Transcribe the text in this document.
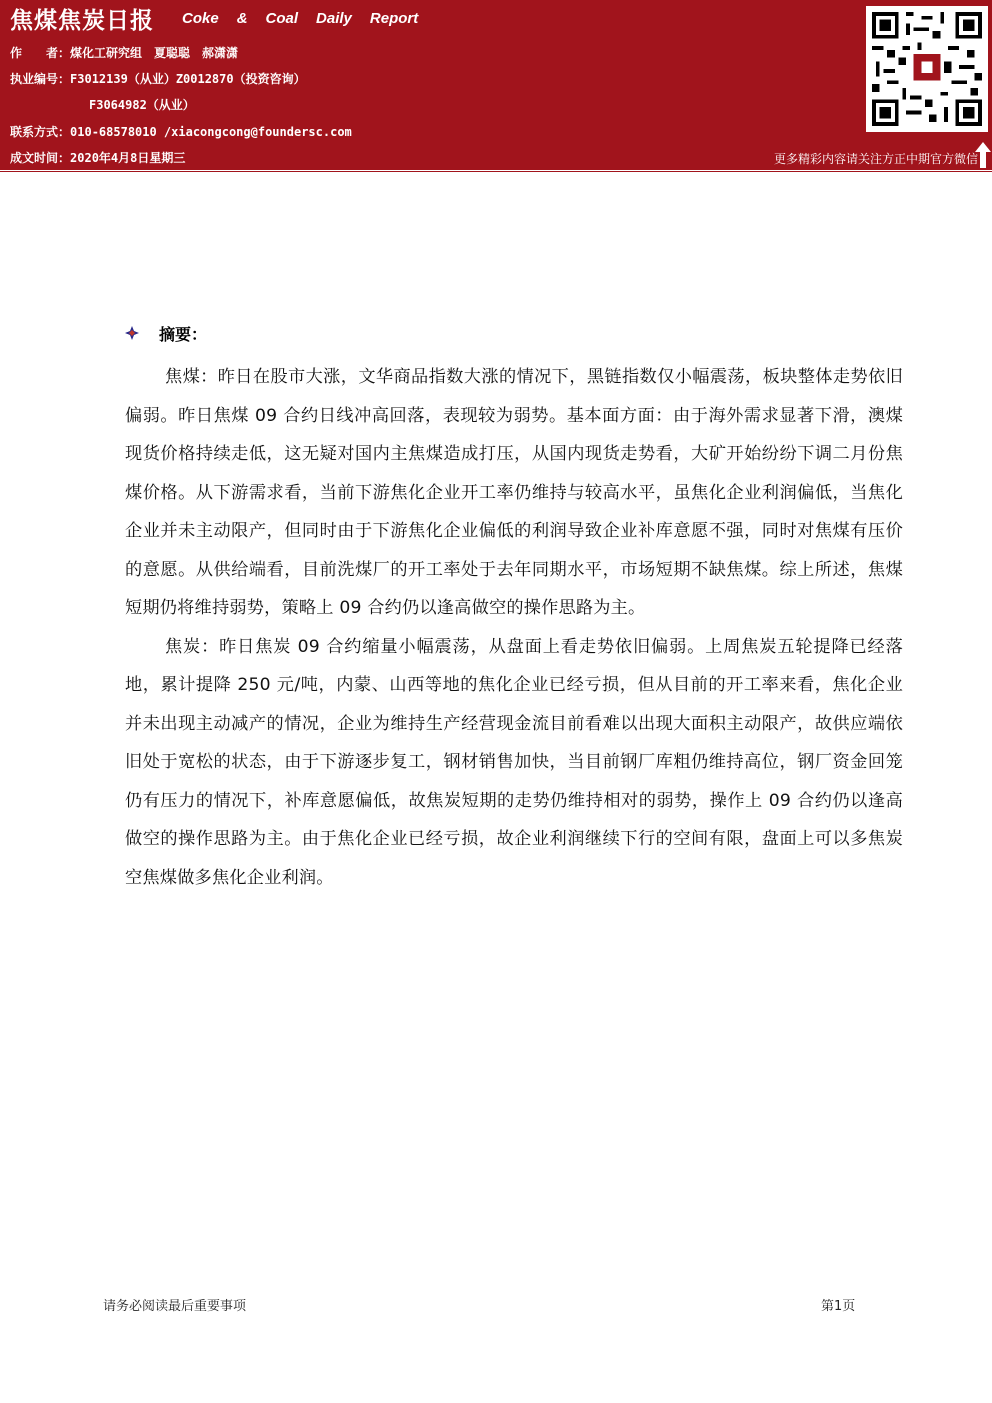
焦煤焦炭日报 Coke & Coal Daily Report
作　　者：煤化工研究组　夏聪聪　郝潇潇
执业编号：F3012139（从业）Z0012870（投资咨询）
F3064982（从业）
联系方式：010-68578010 /xiacongcong@foundersc.com
成文时间：2020年4月8日星期三	更多精彩内容请关注方正中期官方微信
摘要：

焦煤：昨日在股市大涨，文华商品指数大涨的情况下，黑链指数仅小幅震荡，板块整体走势依旧偏弱。昨日焦煤 09 合约日线冲高回落，表现较为弱势。基本面方面：由于海外需求显著下滑，澳煤现货价格持续走低，这无疑对国内主焦煤造成打压，从国内现货走势看，大矿开始纷纷下调二月份焦煤价格。从下游需求看，当前下游焦化企业开工率仍维持与较高水平，虽焦化企业利润偏低，当焦化企业并未主动限产，但同时由于下游焦化企业偏低的利润导致企业补库意愿不强，同时对焦煤有压价的意愿。从供给端看，目前洗煤厂的开工率处于去年同期水平，市场短期不缺焦煤。综上所述，焦煤短期仍将维持弱势，策略上 09 合约仍以逢高做空的操作思路为主。

焦炭：昨日焦炭 09 合约缩量小幅震荡，从盘面上看走势依旧偏弱。上周焦炭五轮提降已经落地，累计提降 250 元/吨，内蒙、山西等地的焦化企业已经亏损，但从目前的开工率来看，焦化企业并未出现主动减产的情况，企业为维持生产经营现金流目前看难以出现大面积主动限产，故供应端依旧处于宽松的状态，由于下游逐步复工，钢材销售加快，当目前钢厂库粗仍维持高位，钢厂资金回笼仍有压力的情况下，补库意愿偏低，故焦炭短期的走势仍维持相对的弱势，操作上 09 合约仍以逢高做空的操作思路为主。由于焦化企业已经亏损，故企业利润继续下行的空间有限，盘面上可以多焦炭空焦煤做多焦化企业利润。

请务必阅读最后重要事项	第1页
